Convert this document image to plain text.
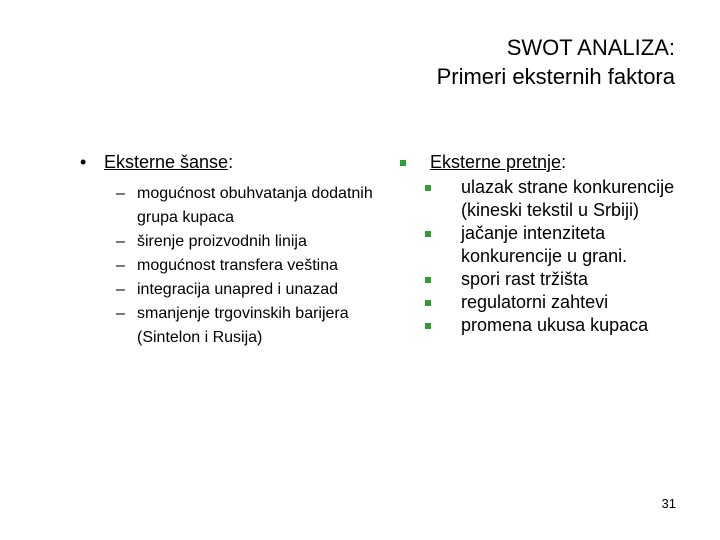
SWOT ANALIZA:
Primeri eksternih faktora
• Eksterne šanse:
– mogućnost obuhvatanja dodatnih grupa kupaca
– širenje proizvodnih linija
– mogućnost transfera veština
– integracija unapred i unazad
– smanjenje trgovinskih barijera (Sintelon i Rusija)
Eksterne pretnje:
ulazak strane konkurencije (kineski tekstil u Srbiji)
jačanje intenziteta konkurencije u grani.
spori rast tržišta
regulatorni zahtevi
promena ukusa kupaca
31
